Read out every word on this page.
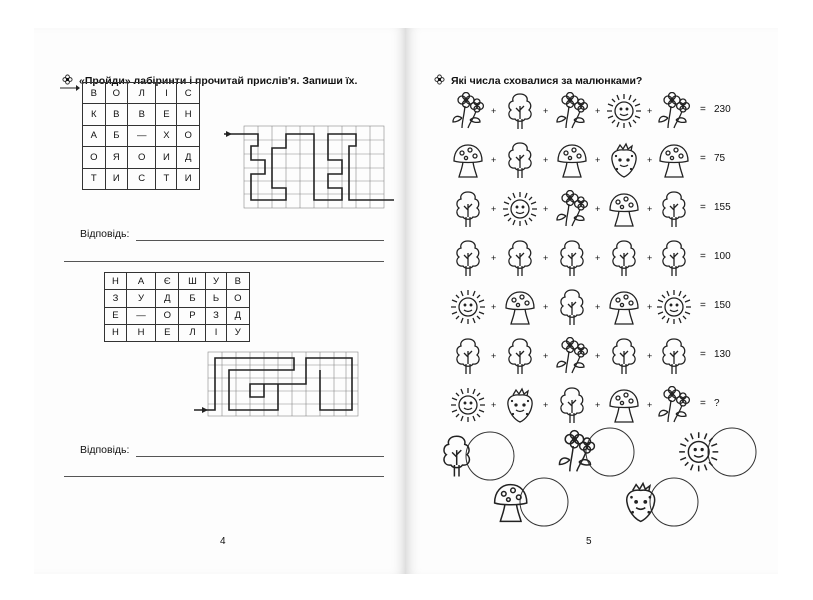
«Пройди» лабіринти і прочитай прислів'я. Запиши їх.
В	О	Л	І	С
К	В	В	Е	Н
А	Б	—	Х	О
О	Я	О	И	Д
Т	И	С	Т	И
Відповідь:
Н	А	Є	Ш	У	В
З	У	Д	Б	Ь	О
Е	—	О	Р	З	Д
Н	Н	Е	Л	І	У
Відповідь:
4
Які числа сховалися за малюнками?
+	+	+	+	= 230
+	+	+	+	= 75
+	+	+	+	= 155
+	+	+	+	= 100
+	+	+	+	= 150
+	+	+	+	= 130
+	+	+	+	= ?
5
